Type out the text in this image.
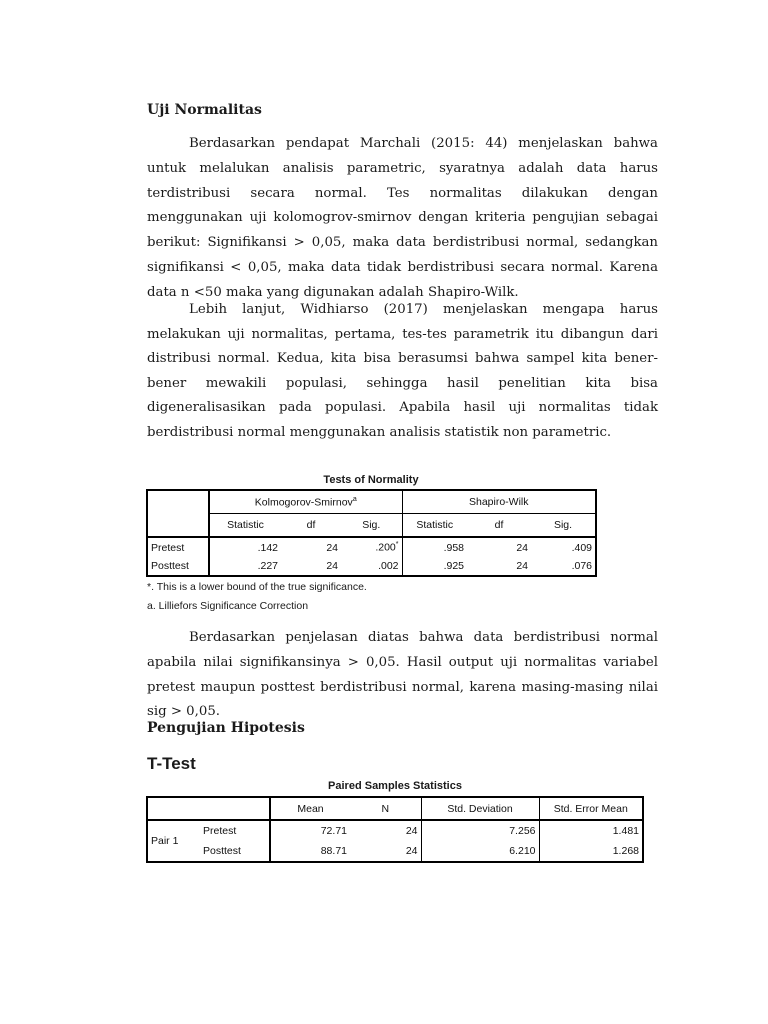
Uji Normalitas

Berdasarkan pendapat Marchali (2015: 44) menjelaskan bahwa untuk melalukan analisis parametric, syaratnya adalah data harus terdistribusi secara normal. Tes normalitas dilakukan dengan menggunakan uji kolomogrov-smirnov dengan kriteria pengujian sebagai berikut: Signifikansi > 0,05, maka data berdistribusi normal, sedangkan signifikansi < 0,05, maka data tidak berdistribusi secara normal. Karena data n <50 maka yang digunakan adalah Shapiro-Wilk.

Lebih lanjut, Widhiarso (2017) menjelaskan mengapa harus melakukan uji normalitas, pertama, tes-tes parametrik itu dibangun dari distribusi normal. Kedua, kita bisa berasumsi bahwa sampel kita bener-bener mewakili populasi, sehingga hasil penelitian kita bisa digeneralisasikan pada populasi. Apabila hasil uji normalitas tidak berdistribusi normal menggunakan analisis statistik non parametric.

Tests of Normality
	Kolmogorov-Smirnov$^a$			Shapiro-Wilk		
	Statistic	df	Sig.	Statistic	df	Sig.
Pretest	.142	24	.200*	.958	24	.409
Posttest	.227	24	.002	.925	24	.076

*. This is a lower bound of the true significance.

a. Lilliefors Significance Correction

Berdasarkan penjelasan diatas bahwa data berdistribusi normal apabila nilai signifikansinya > 0,05. Hasil output uji normalitas variabel pretest maupun posttest berdistribusi normal, karena masing-masing nilai sig > 0,05.

Pengujian Hipotesis
T-Test
Paired Samples Statistics
		Mean	N	Std. Deviation	Std. Error Mean
Pair 1	Pretest	72.71	24	7.256	1.481
	Posttest	88.71	24	6.210	1.268
